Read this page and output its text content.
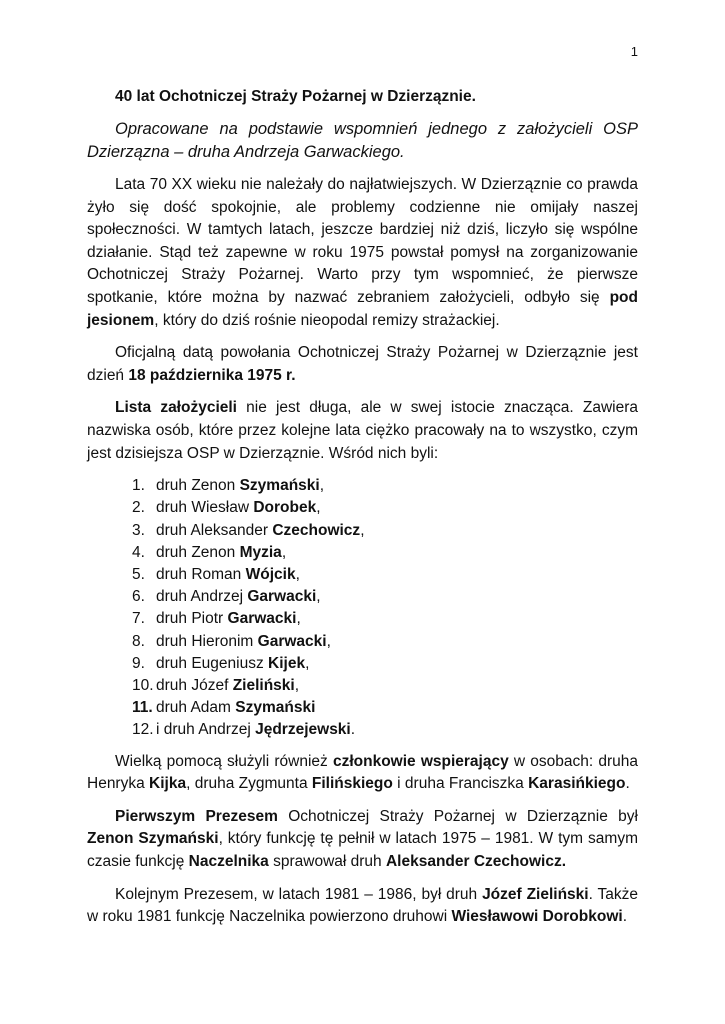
1
40 lat Ochotniczej Straży Pożarnej w Dzierząznie.

Opracowane na podstawie wspomnień jednego z założycieli OSP Dzierzązna – druha Andrzeja Garwackiego.

Lata 70 XX wieku nie należały do najłatwiejszych. W Dzierząznie co prawda żyło się dość spokojnie, ale problemy codzienne nie omijały naszej społeczności. W tamtych latach, jeszcze bardziej niż dziś, liczyło się wspólne działanie. Stąd też zapewne w roku 1975 powstał pomysł na zorganizowanie Ochotniczej Straży Pożarnej. Warto przy tym wspomnieć, że pierwsze spotkanie, które można by nazwać zebraniem założycieli, odbyło się pod jesionem, który do dziś rośnie nieopodal remizy strażackiej.

Oficjalną datą powołania Ochotniczej Straży Pożarnej w Dzierząznie jest dzień 18 października 1975 r.

Lista założycieli nie jest długa, ale w swej istocie znacząca. Zawiera nazwiska osób, które przez kolejne lata ciężko pracowały na to wszystko, czym jest dzisiejsza OSP w Dzierząznie. Wśród nich byli:

1. druh Zenon Szymański,
2. druh Wiesław Dorobek,
3. druh Aleksander Czechowicz,
4. druh Zenon Myzia,
5. druh Roman Wójcik,
6. druh Andrzej Garwacki,
7. druh Piotr Garwacki,
8. druh Hieronim Garwacki,
9. druh Eugeniusz Kijek,
10. druh Józef Zieliński,
11. druh Adam Szymański
12. i druh Andrzej Jędrzejewski.

Wielką pomocą służyli również członkowie wspierający w osobach: druha Henryka Kijka, druha Zygmunta Filińskiego i druha Franciszka Karasińkiego.

Pierwszym Prezesem Ochotniczej Straży Pożarnej w Dzierząznie był Zenon Szymański, który funkcję tę pełnił w latach 1975 – 1981. W tym samym czasie funkcję Naczelnika sprawował druh Aleksander Czechowicz.

Kolejnym Prezesem, w latach 1981 – 1986, był druh Józef Zieliński. Także w roku 1981 funkcję Naczelnika powierzono druhowi Wiesławowi Dorobkowi.
